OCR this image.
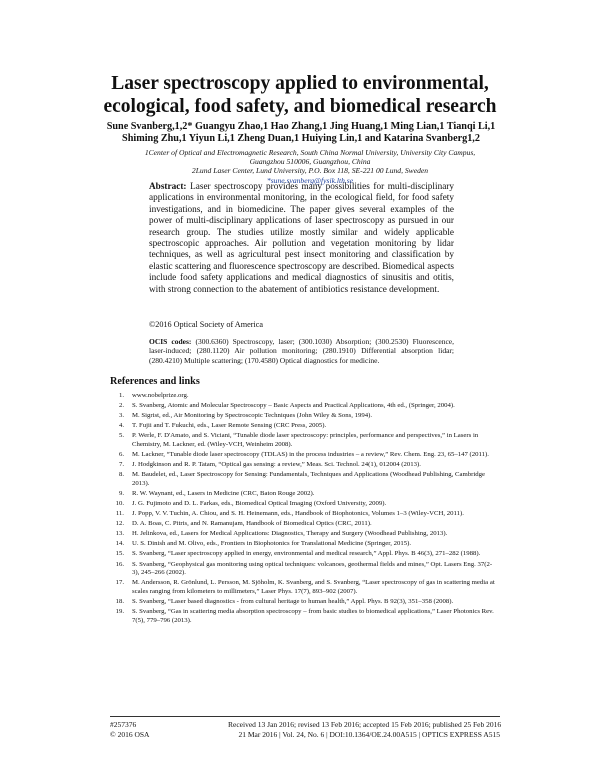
Laser spectroscopy applied to environmental,
ecological, food safety, and biomedical research
Sune Svanberg,1,2* Guangyu Zhao,1 Hao Zhang,1 Jing Huang,1 Ming Lian,1 Tianqi Li,1
Shiming Zhu,1 Yiyun Li,1 Zheng Duan,1 Huiying Lin,1 and Katarina Svanberg1,2
1Center of Optical and Electromagnetic Research, South China Normal University, University City Campus,
Guangzhou 510006, Guangzhou, China
2Lund Laser Center, Lund University, P.O. Box 118, SE-221 00 Lund, Sweden
*sune.svanberg@fysik.lth.se
Abstract: Laser spectroscopy provides many possibilities for multi-disciplinary applications in environmental monitoring, in the ecological field, for food safety investigations, and in biomedicine. The paper gives several examples of the power of multi-disciplinary applications of laser spectroscopy as pursued in our research group. The studies utilize mostly similar and widely applicable spectroscopic approaches. Air pollution and vegetation monitoring by lidar techniques, as well as agricultural pest insect monitoring and classification by elastic scattering and fluorescence spectroscopy are described. Biomedical aspects include food safety applications and medical diagnostics of sinusitis and otitis, with strong connection to the abatement of antibiotics resistance development.
©2016 Optical Society of America
OCIS codes: (300.6360) Spectroscopy, laser; (300.1030) Absorption; (300.2530) Fluorescence, laser-induced; (280.1120) Air pollution monitoring; (280.1910) Differential absorption lidar; (280.4210) Multiple scattering; (170.4580) Optical diagnostics for medicine.
References and links
1. www.nobelprize.org.
2. S. Svanberg, Atomic and Molecular Spectroscopy – Basic Aspects and Practical Applications, 4th ed., (Springer, 2004).
3. M. Sigrist, ed., Air Monitoring by Spectroscopic Techniques (John Wiley & Sons, 1994).
4. T. Fujii and T. Fukuchi, eds., Laser Remote Sensing (CRC Press, 2005).
5. P. Werle, F. D'Amato, and S. Viciani, “Tunable diode laser spectroscopy: principles, performance and perspectives,” in Lasers in Chemistry, M. Lackner, ed. (Wiley-VCH, Weinheim 2008).
6. M. Lackner, “Tunable diode laser spectroscopy (TDLAS) in the process industries – a review,” Rev. Chem. Eng. 23, 65–147 (2011).
7. J. Hodgkinson and R. P. Tatam, “Optical gas sensing: a review,” Meas. Sci. Technol. 24(1), 012004 (2013).
8. M. Baudelet, ed., Laser Spectroscopy for Sensing: Fundamentals, Techniques and Applications (Woodhead Publishing, Cambridge 2013).
9. R. W. Waynant, ed., Lasers in Medicine (CRC, Baton Rouge 2002).
10. J. G. Fujimoto and D. L. Farkas, eds., Biomedical Optical Imaging (Oxford University, 2009).
11. J. Popp, V. V. Tuchin, A. Chiou, and S. H. Heinemann, eds., Handbook of Biophotonics, Volumes 1–3 (Wiley-VCH, 2011).
12. D. A. Boas, C. Pitris, and N. Ramanujam, Handbook of Biomedical Optics (CRC, 2011).
13. H. Jelinkova, ed., Lasers for Medical Applications: Diagnostics, Therapy and Surgery (Woodhead Publishing, 2013).
14. U. S. Dinish and M. Olivo, eds., Frontiers in Biophotonics for Translational Medicine (Springer, 2015).
15. S. Svanberg, “Laser spectroscopy applied in energy, environmental and medical research,” Appl. Phys. B 46(3), 271–282 (1988).
16. S. Svanberg, “Geophysical gas monitoring using optical techniques: volcanoes, geothermal fields and mines,” Opt. Lasers Eng. 37(2-3), 245–266 (2002).
17. M. Andersson, R. Grönlund, L. Persson, M. Sjöholm, K. Svanberg, and S. Svanberg, “Laser spectroscopy of gas in scattering media at scales ranging from kilometers to millimeters,” Laser Phys. 17(7), 893–902 (2007).
18. S. Svanberg, “Laser based diagnostics - from cultural heritage to human health,” Appl. Phys. B 92(3), 351–358 (2008).
19. S. Svanberg, “Gas in scattering media absorption spectroscopy – from basic studies to biomedical applications,” Laser Photonics Rev. 7(5), 779–796 (2013).
#257376
© 2016 OSA
Received 13 Jan 2016; revised 13 Feb 2016; accepted 15 Feb 2016; published 25 Feb 2016
21 Mar 2016 | Vol. 24, No. 6 | DOI:10.1364/OE.24.00A515 | OPTICS EXPRESS A515
